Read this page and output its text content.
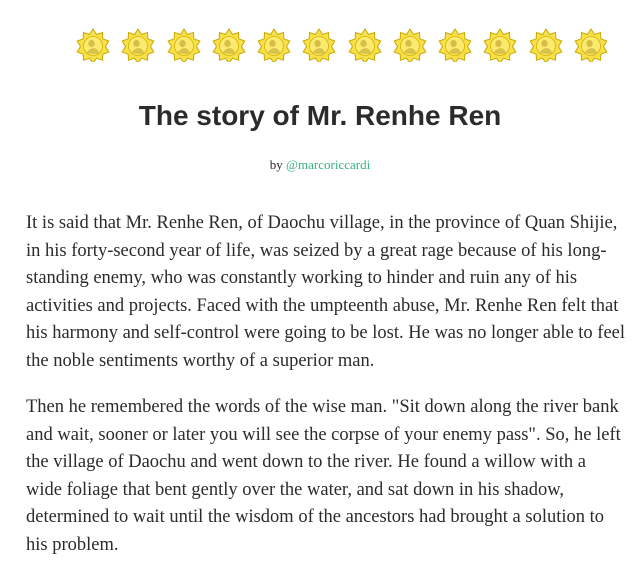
The story of Mr. Renhe Ren
by @marcoriccardi

It is said that Mr. Renhe Ren, of Daochu village, in the province of Quan Shijie, in his forty-second year of life, was seized by a great rage because of his long-standing enemy, who was constantly working to hinder and ruin any of his activities and projects. Faced with the umpteenth abuse, Mr. Renhe Ren felt that his harmony and self-control were going to be lost. He was no longer able to feel the noble sentiments worthy of a superior man.

Then he remembered the words of the wise man. "Sit down along the river bank and wait, sooner or later you will see the corpse of your enemy pass". So, he left the village of Daochu and went down to the river. He found a willow with a wide foliage that bent gently over the water, and sat down in his shadow, determined to wait until the wisdom of the ancestors had brought a solution to his problem.
